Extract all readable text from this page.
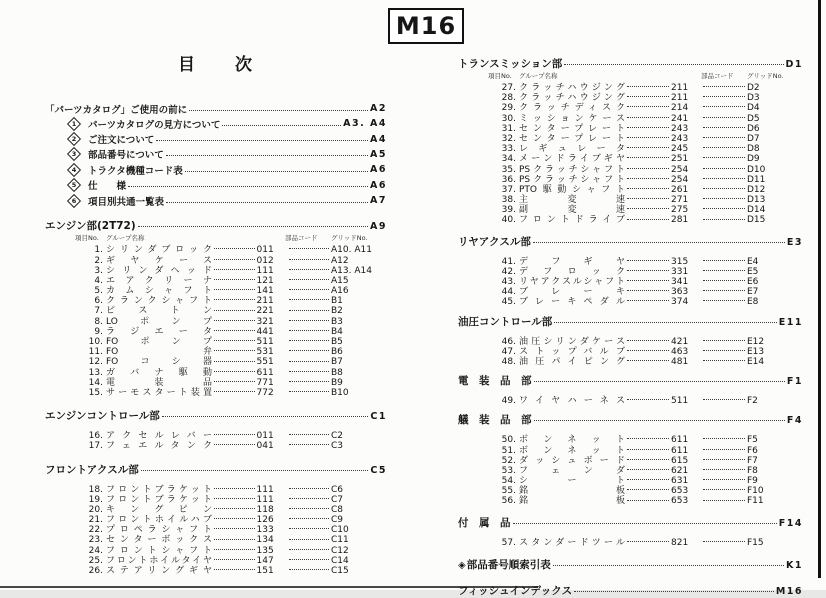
M16
目　　次
「パーツカタログ」ご使用の前に	A2
1 パーツカタログの見方について	A3. A4
2 ご注文について	A4
3 部品番号について	A5
4 トラクタ機種コード表	A6
5 仕　　様	A6
6 項目別共通一覧表	A7
エンジン部(2T72)	A9
項目No.	グループ名称	部品コード グリッドNo.
1. シリンダブロック	011	A10. A11
2. ギヤケース	012	A12
3. シリンダヘッド	111	A13. A14
4. エアクリーナ	121	A15
5. カムシャフト	141	A16
6. クランクシャフト	211	B1
7. ピストン	221	B2
8. LOポンプ	321	B3
9. ラジエータ	441	B4
10. FOポンプ	511	B5
11. FO弁	531	B6
12. FOコシ器	551	B7
13. ガバナ駆動	611	B8
14. 電装品	771	B9
15. サーモスタート装置	772	B10
エンジンコントロール部	C1
16. アクセルレバー	011	C2
17. フェエルタンク	041	C3
フロントアクスル部	C5
18. フロントブラケット	111	C6
19. フロントブラケット	111	C7
20. キングピン	118	C8
21. フロントホイルハブ	126	C9
22. プロペラシャフト	133	C10
23. センターボックス	134	C11
24. フロントシャフト	135	C12
25. フロントホイルタイヤ	147	C14
26. ステアリングギヤ	151	C15
トランスミッション部	D1
項目No.	グループ名称	部品コード グリッドNo.
27. クラッチハウジング	211	D2
28. クラッチハウジング	211	D3
29. クラッチディスク	214	D4
30. ミッションケース	241	D5
31. センタープレート	243	D6
32. センタープレート	243	D7
33. レギュレータ	245	D8
34. メーンドライブギヤ	251	D9
35. PSクラッチシャフト	254	D10
36. PSクラッチシャフト	254	D11
37. PTO駆動シャフト	261	D12
38. 主変速	271	D13
39. 副変速	275	D14
40. フロントドライブ	281	D15
リヤアクスル部	E3
41. デフギヤ	315	E4
42. デフロック	331	E5
43. リヤアクスルシャフト	341	E6
44. ブレーキ	363	E7
45. ブレーキペダル	374	E8
油圧コントロール部	E11
46. 油圧シリンダケース	421	E12
47. ストップバルブ	463	E13
48. 油圧パイピング	481	E14
電　装　品　部	F1
49. ワイヤハーネス	511	F2
艤　装　品　部	F4
50. ボンネット	611	F5
51. ボンネット	611	F6
52. ダッシュボード	615	F7
53. フェンダ	621	F8
54. シート	631	F9
55. 銘板	653	F10
56. 銘板	653	F11
付　属　品	F14
57. スタンダードツール	821	F15
◈ 部品番号順索引表	K1
フィッシュインデックス	M16
